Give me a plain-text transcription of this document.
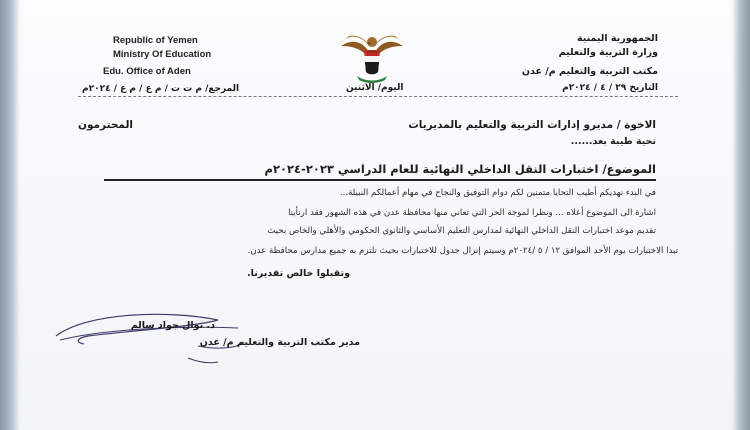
Republic of Yemen
Ministry Of Education
Edu. Office of Aden
المرجع/ م ت ت / م ع / م ع / ٢٠٢٤م
الجمهورية اليمنية
وزارة التربية والتعليم
مكتب التربية والتعليم م/ عدن
التاريخ ٢٩ / ٤ / ٢٠٢٤م
اليوم/ الاثنين
الاخوة / مديرو إدارات التربية والتعليم بالمديريات
المحترمون
تحية طيبة بعد......
الموضوع/ اختبارات النقل الداخلي النهائية للعام الدراسي ٢٠٢٣-٢٠٢٤م
في البدء نهديكم أطيب التحايا متمنين لكم دوام التوفيق والنجاح في مهام أعمالكم النبيلة...
اشارة الى الموضوع أعلاه ... ونظرا لموجة الحر التي تعاني منها محافظة عدن في هذه الشهور فقد ارتأينا
تقديم موعد اختبارات النقل الداخلي النهائية لمدارس التعليم الأساسي والثانوي الحكومي والأهلي والخاص بحيث
تبدا الاختبارات يوم الأحد الموافق ١٢ / ٥ /٢٠٢٤م وسيتم إنزال جدول للاختبارات بحيث تلتزم به جميع مدارس محافظة عدن.
وتقبلوا خالص تقديرنا.
د. نوال جواد سالم
مدير مكتب التربية والتعليم م/ عدن
